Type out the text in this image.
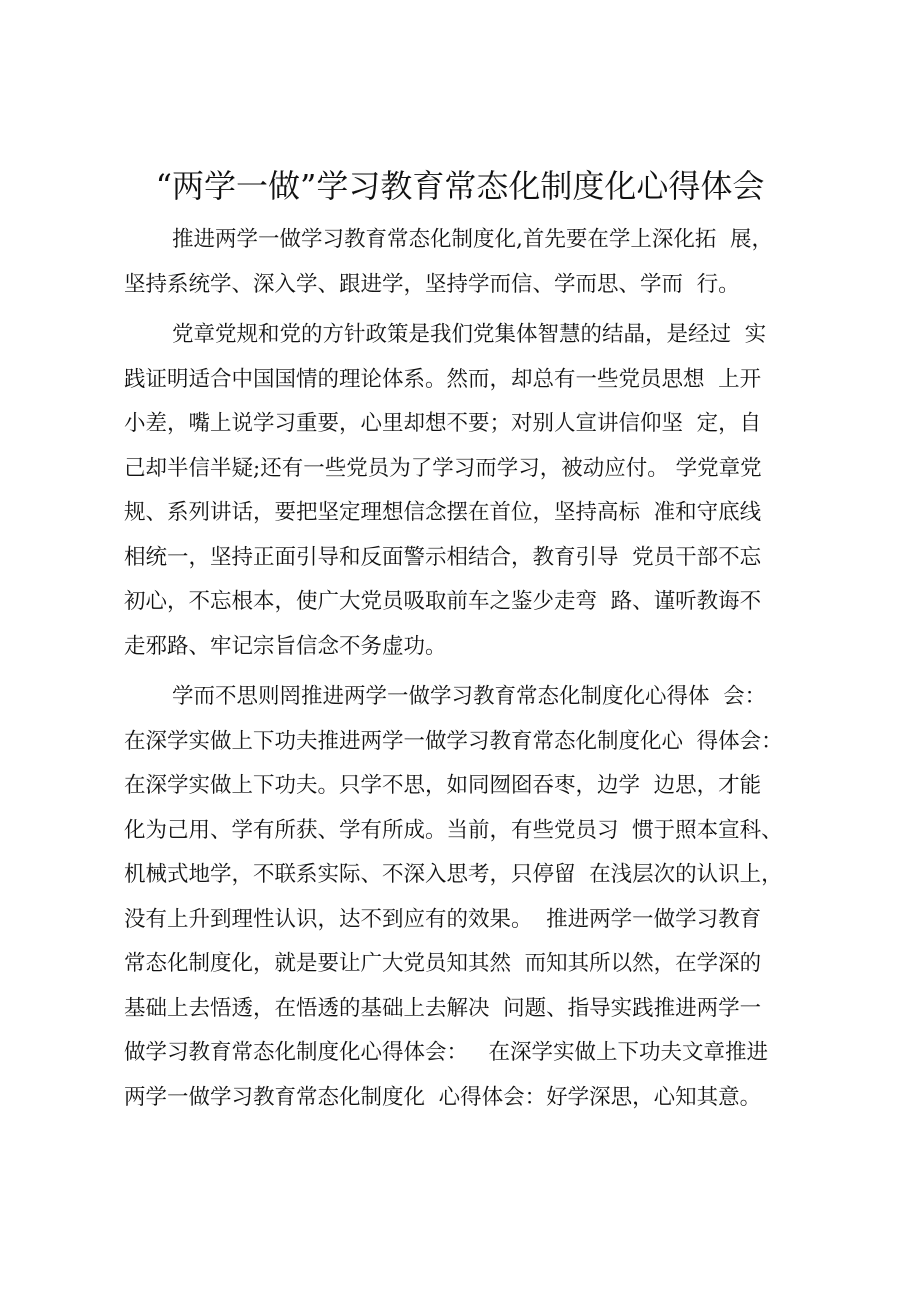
“两学一做”学习教育常态化制度化心得体会
推进两学一做学习教育常态化制度化,首先要在学上深化拓  展，
坚持系统学、深入学、跟进学，坚持学而信、学而思、学而  行。
党章党规和党的方针政策是我们党集体智慧的结晶，是经过  实
践证明适合中国国情的理论体系。然而，却总有一些党员思想  上开
小差，嘴上说学习重要，心里却想不要；对别人宣讲信仰坚  定，自
己却半信半疑;还有一些党员为了学习而学习，被动应付。 学党章党
规、系列讲话，要把坚定理想信念摆在首位，坚持高标  准和守底线
相统一，坚持正面引导和反面警示相结合，教育引导  党员干部不忘
初心，不忘根本，使广大党员吸取前车之鉴少走弯  路、谨听教诲不
走邪路、牢记宗旨信念不务虚功。
学而不思则罔推进两学一做学习教育常态化制度化心得体  会：
在深学实做上下功夫推进两学一做学习教育常态化制度化心  得体会：
在深学实做上下功夫。只学不思，如同囫囵吞枣，边学  边思，才能
化为己用、学有所获、学有所成。当前，有些党员习  惯于照本宣科、
机械式地学，不联系实际、不深入思考，只停留  在浅层次的认识上，
没有上升到理性认识，达不到应有的效果。  推进两学一做学习教育
常态化制度化，就是要让广大党员知其然  而知其所以然，在学深的
基础上去悟透，在悟透的基础上去解决  问题、指导实践推进两学一
做学习教育常态化制度化心得体会：   在深学实做上下功夫文章推进
两学一做学习教育常态化制度化  心得体会：好学深思，心知其意。
